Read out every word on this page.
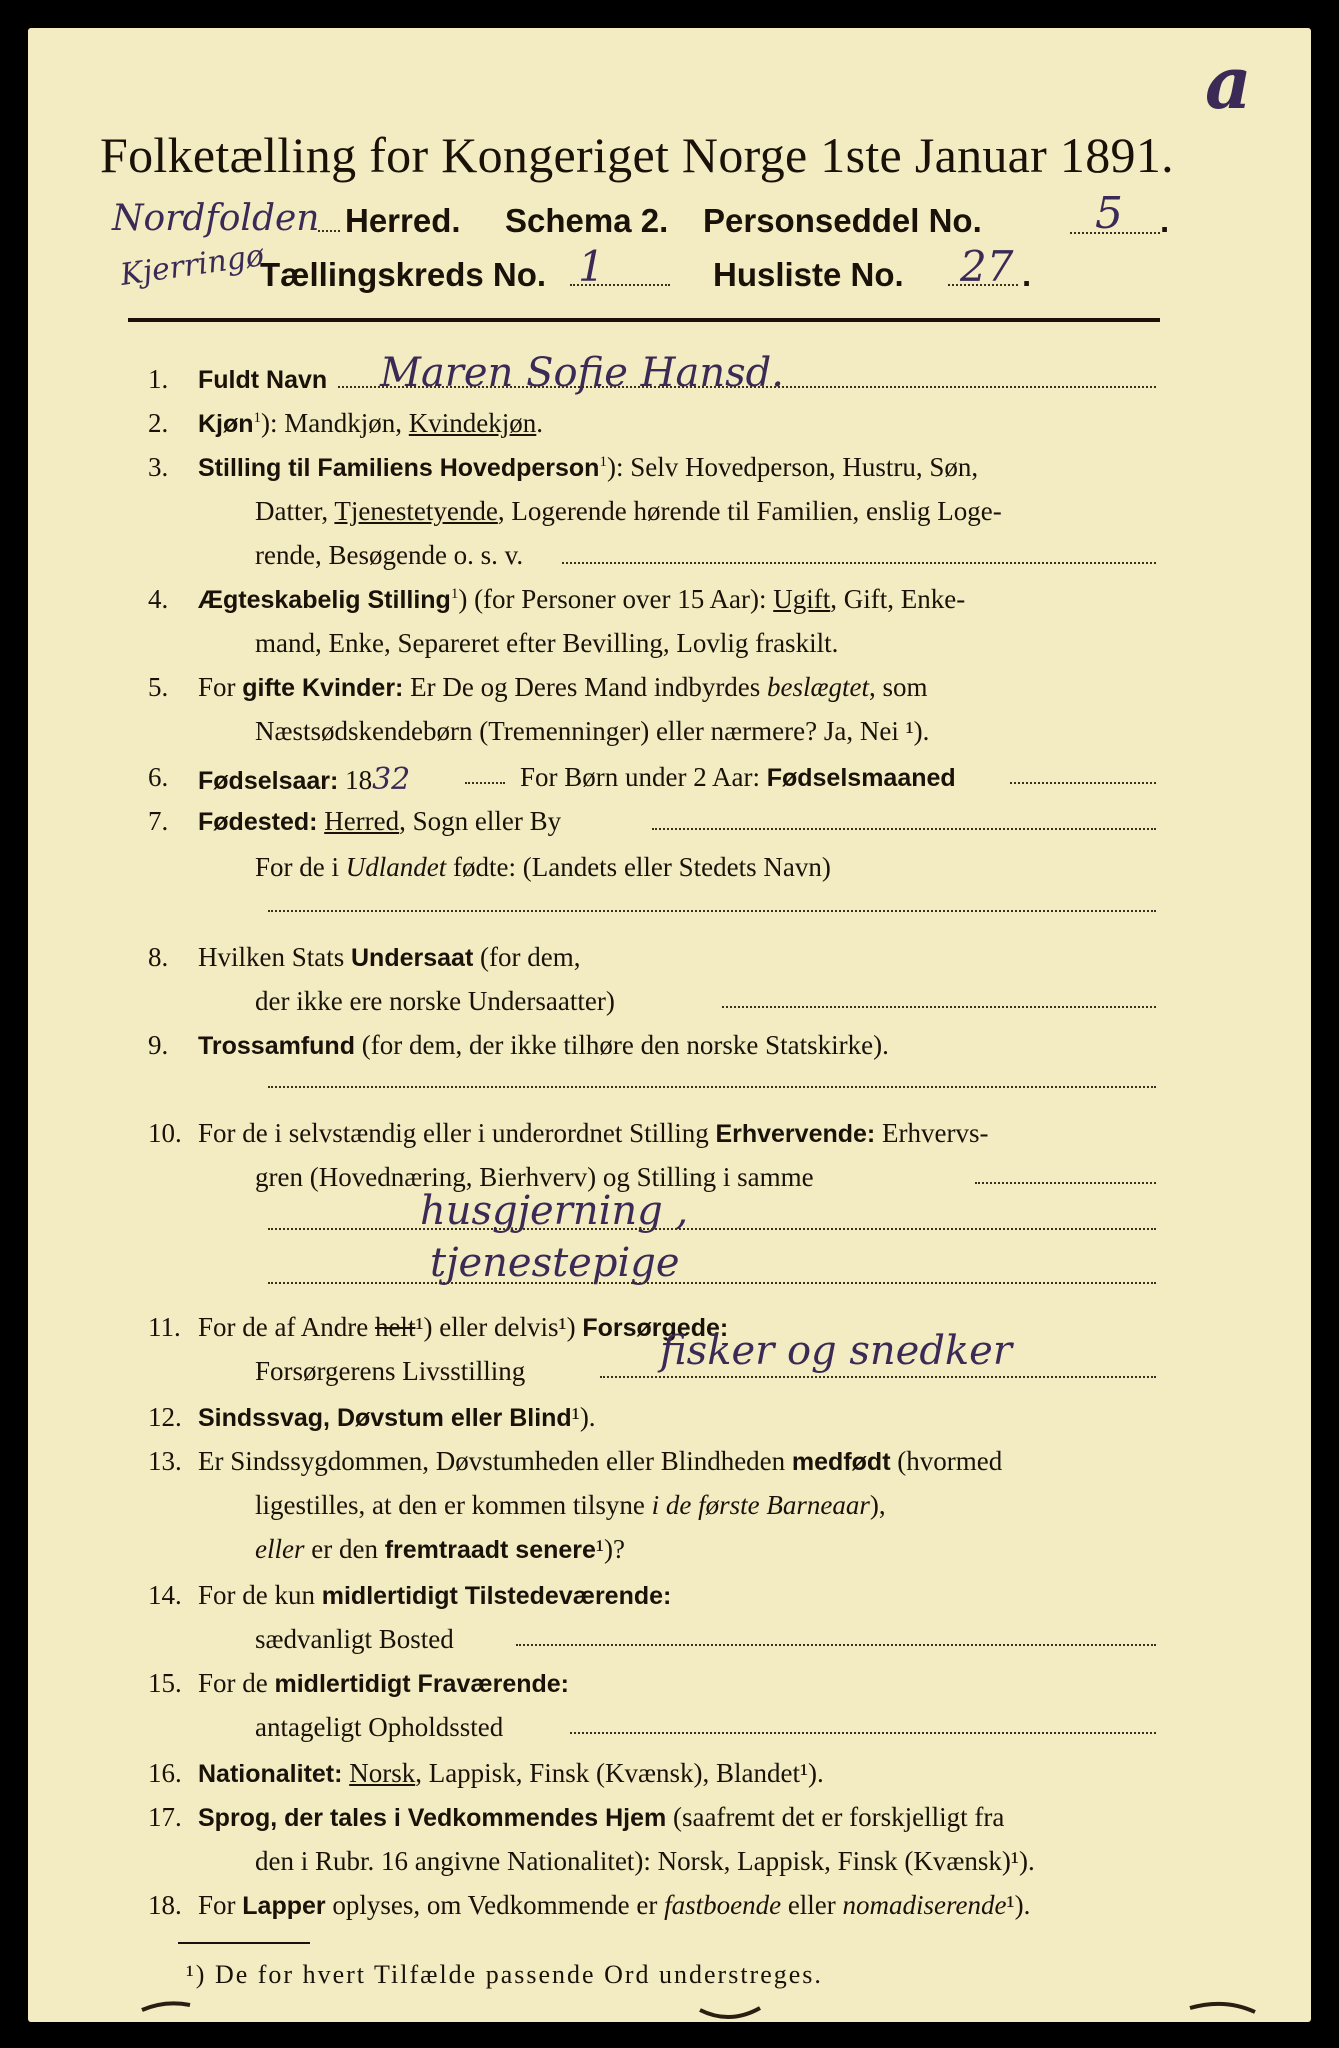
a
Folketælling for Kongeriget Norge 1ste Januar 1891.
Nordfolden Herred. Schema 2. Personseddel No.	5 .
Kjerringø
Tællingskreds No. 1	Husliste No. 27 .
1. Fuldt Navn Maren Sofie Hansd.
2. Kjøn$^1$): Mandkjøn, Kvindekjøn.
3. Stilling til Familiens Hovedperson$^1$): Selv Hovedperson, Hustru, Søn,
Datter, Tjenestetyende, Logerende hørende til Familien, enslig Loge-
rende, Besøgende o. s. v.
4. Ægteskabelig Stilling$^1$) (for Personer over 15 Aar): Ugift, Gift, Enke-
mand, Enke, Separeret efter Bevilling, Lovlig fraskilt.
5. For gifte Kvinder: Er De og Deres Mand indbyrdes beslægtet, som
Næstsødskendebørn (Tremenninger) eller nærmere? Ja, Nei ¹).
6. Fødselsaar: 1832	For Børn under 2 Aar: Fødselsmaaned
7. Fødested: Herred, Sogn eller By
For de i Udlandet fødte: (Landets eller Stedets Navn)
8. Hvilken Stats Undersaat (for dem,
der ikke ere norske Undersaatter)
9. Trossamfund (for dem, der ikke tilhøre den norske Statskirke).
10. For de i selvstændig eller i underordnet Stilling Erhvervende: Erhvervs-
gren (Hovednæring, Bierhverv) og Stilling i samme
husgjerning ,
tjenestepige
11. For de af Andre helt¹) eller delvis¹) Forsørgede:
Forsørgerens Livsstilling	fisker og snedker
12. Sindssvag, Døvstum eller Blind¹).
13. Er Sindssygdommen, Døvstumheden eller Blindheden medfødt (hvormed
ligestilles, at den er kommen tilsyne i de første Barneaar),
eller er den fremtraadt senere¹)?
14. For de kun midlertidigt Tilstedeværende:
sædvanligt Bosted
15. For de midlertidigt Fraværende:
antageligt Opholdssted
16. Nationalitet: Norsk, Lappisk, Finsk (Kvænsk), Blandet¹).
17. Sprog, der tales i Vedkommendes Hjem (saafremt det er forskjelligt fra
den i Rubr. 16 angivne Nationalitet): Norsk, Lappisk, Finsk (Kvænsk)¹).
18. For Lapper oplyses, om Vedkommende er fastboende eller nomadiserende¹).
¹) De for hvert Tilfælde passende Ord understreges.
